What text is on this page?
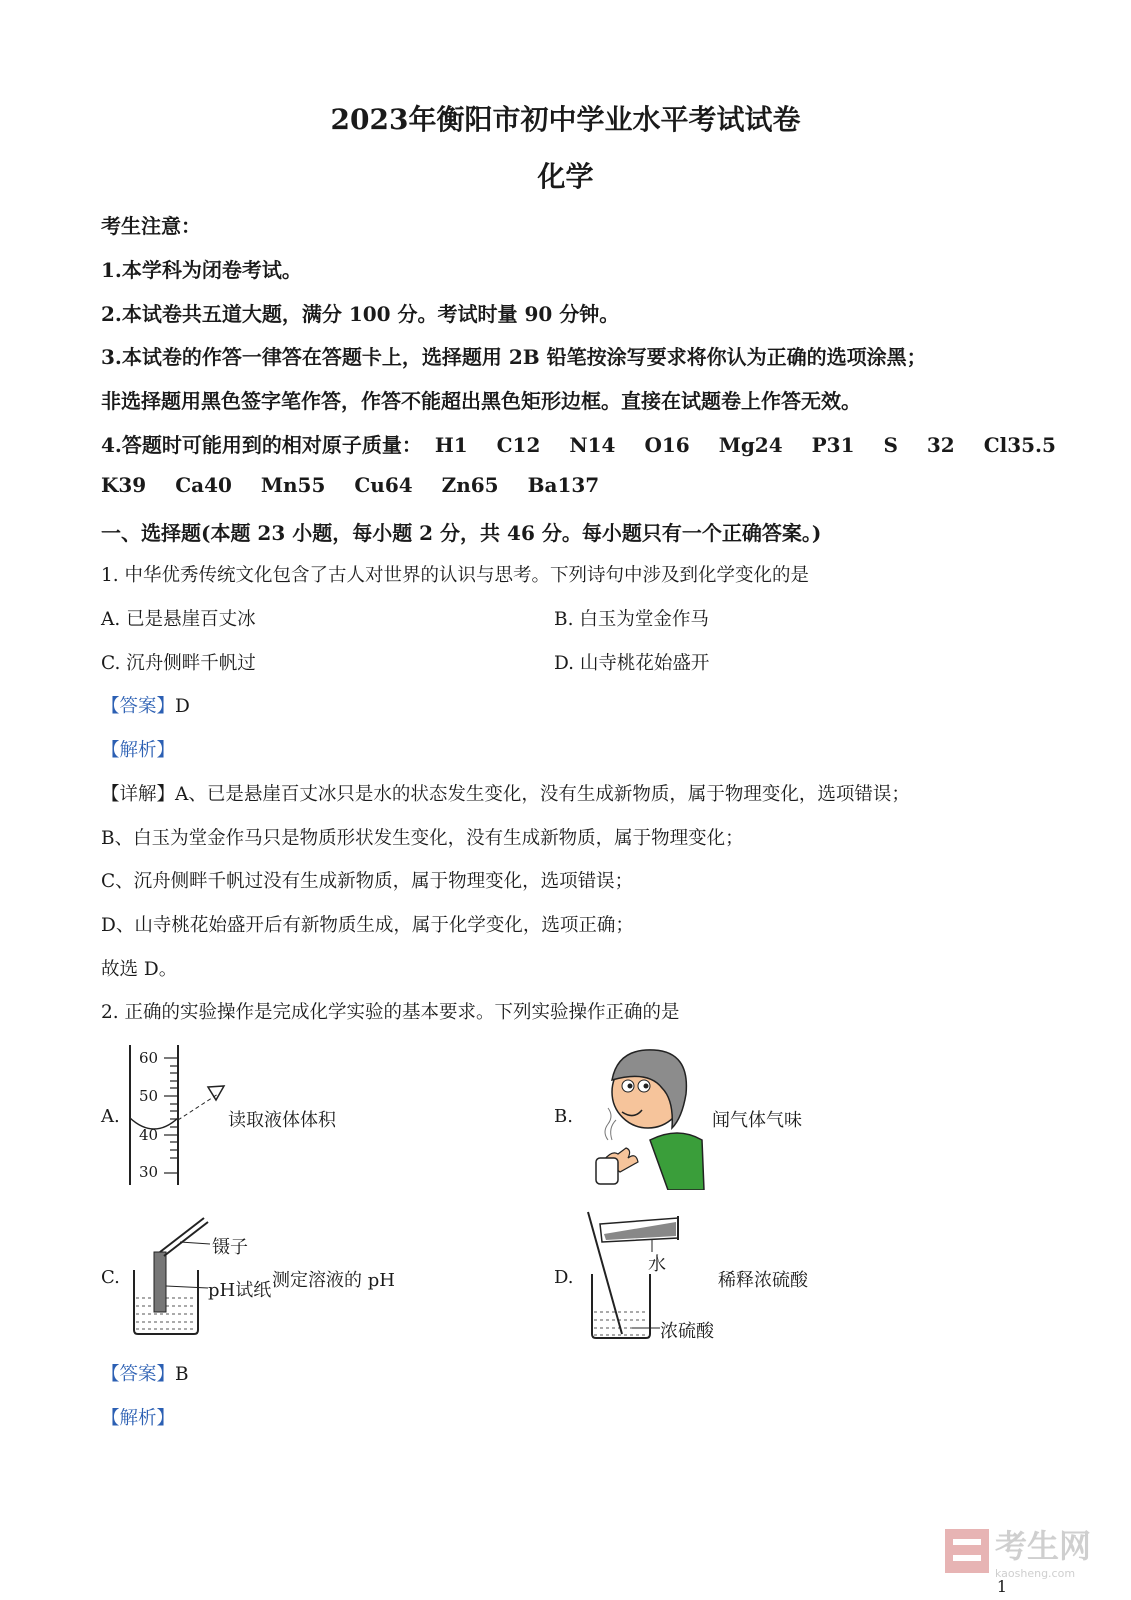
2023年衡阳市初中学业水平考试试卷
化学
考生注意：
1.本学科为闭卷考试。
2.本试卷共五道大题，满分 100 分。考试时量 90 分钟。
3.本试卷的作答一律答在答题卡上，选择题用 2B 铅笔按涂写要求将你认为正确的选项涂黑；
非选择题用黑色签字笔作答，作答不能超出黑色矩形边框。直接在试题卷上作答无效。
4.答题时可能用到的相对原子质量： H1 C12 N14 O16 Mg24 P31 S 32 Cl35.5
K39 Ca40 Mn55 Cu64 Zn65 Ba137
一、选择题(本题 23 小题，每小题 2 分，共 46 分。每小题只有一个正确答案。)
1. 中华优秀传统文化包含了古人对世界的认识与思考。下列诗句中涉及到化学变化的是
A. 已是悬崖百丈冰	B. 白玉为堂金作马
C. 沉舟侧畔千帆过	D. 山寺桃花始盛开
【答案】D
【解析】
【详解】A、已是悬崖百丈冰只是水的状态发生变化，没有生成新物质，属于物理变化，选项错误；
B、白玉为堂金作马只是物质形状发生变化，没有生成新物质，属于物理变化；
C、沉舟侧畔千帆过没有生成新物质，属于物理变化，选项错误；
D、山寺桃花始盛开后有新物质生成，属于化学变化，选项正确；
故选 D。
2. 正确的实验操作是完成化学实验的基本要求。下列实验操作正确的是
A.
60
50
40
30
读取液体体积	B.	闻气体气味
C.
镊子
pH试纸 测定溶液的 pH	D.
水
稀释浓硫酸
浓硫酸
【答案】B
【解析】
考生网
kaosheng.com
1
